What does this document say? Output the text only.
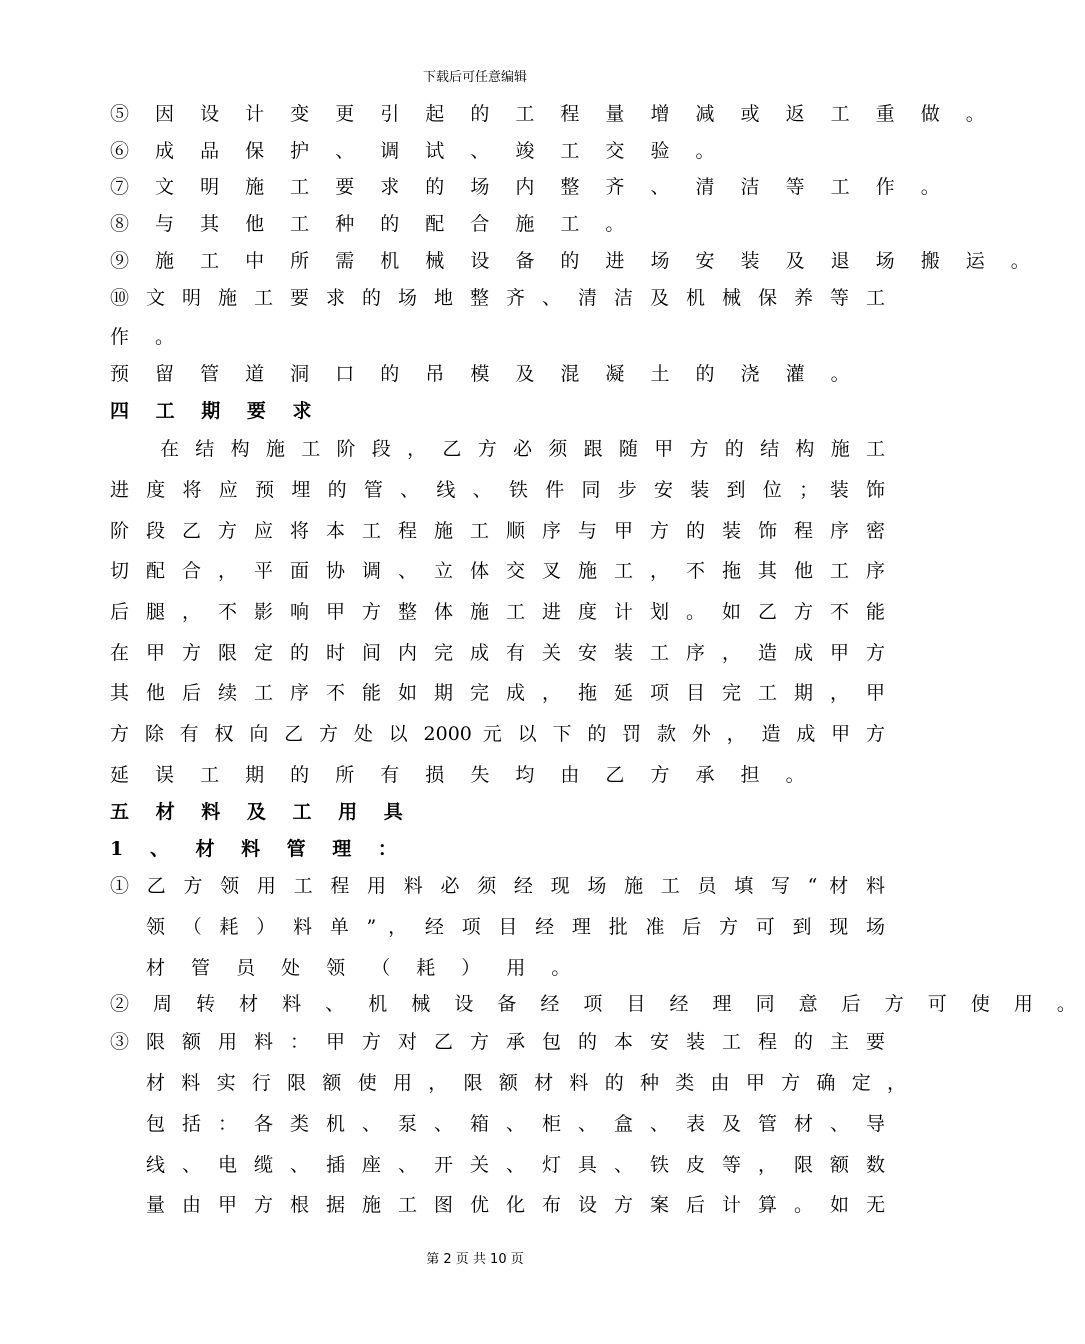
下载后可任意编辑
⑤ 因 设 计 变 更 引 起 的 工 程 量 增 减 或 返 工 重 做 。
⑥ 成 品 保 护 、 调 试 、 竣 工 交 验 。
⑦ 文 明 施 工 要 求 的 场 内 整 齐 、 清 洁 等 工 作 。
⑧ 与 其 他 工 种 的 配 合 施 工 。
⑨ 施 工 中 所 需 机 械 设 备 的 进 场 安 装 及 退 场 搬 运 。
⑩ 文 明 施 工 要 求 的 场 地 整 齐 、 清 洁 及 机 械 保 养 等 工
作 。
预 留 管 道 洞 口 的 吊 模 及 混 凝 土 的 浇 灌 。
四 工 期 要 求
在 结 构 施 工 阶 段 ， 乙 方 必 须 跟 随 甲 方 的 结 构 施 工
进 度 将 应 预 埋 的 管 、 线 、 铁 件 同 步 安 装 到 位 ； 装 饰
阶 段 乙 方 应 将 本 工 程 施 工 顺 序 与 甲 方 的 装 饰 程 序 密
切 配 合 ， 平 面 协 调 、 立 体 交 叉 施 工 ， 不 拖 其 他 工 序
后 腿 ， 不 影 响 甲 方 整 体 施 工 进 度 计 划 。 如 乙 方 不 能
在 甲 方 限 定 的 时 间 内 完 成 有 关 安 装 工 序 ， 造 成 甲 方
其 他 后 续 工 序 不 能 如 期 完 成 ， 拖 延 项 目 完 工 期 ， 甲
方 除 有 权 向 乙 方 处 以 2000 元 以 下 的 罚 款 外 ， 造 成 甲 方
延 误 工 期 的 所 有 损 失 均 由 乙 方 承 担 。
五 材 料 及 工 用 具
1 、 材 料 管 理 ：
① 乙 方 领 用 工 程 用 料 必 须 经 现 场 施 工 员 填 写 “ 材 料
领 （ 耗 ） 料 单 ” ， 经 项 目 经 理 批 准 后 方 可 到 现 场
材 管 员 处 领 （ 耗 ） 用 。
② 周 转 材 料 、 机 械 设 备 经 项 目 经 理 同 意 后 方 可 使 用 。
③ 限 额 用 料 ： 甲 方 对 乙 方 承 包 的 本 安 装 工 程 的 主 要
材 料 实 行 限 额 使 用 ， 限 额 材 料 的 种 类 由 甲 方 确 定 ，
包 括 ： 各 类 机 、 泵 、 箱 、 柜 、 盒 、 表 及 管 材 、 导
线 、 电 缆 、 插 座 、 开 关 、 灯 具 、 铁 皮 等 ， 限 额 数
量 由 甲 方 根 据 施 工 图 优 化 布 设 方 案 后 计 算 。 如 无
第 2 页 共 10 页
